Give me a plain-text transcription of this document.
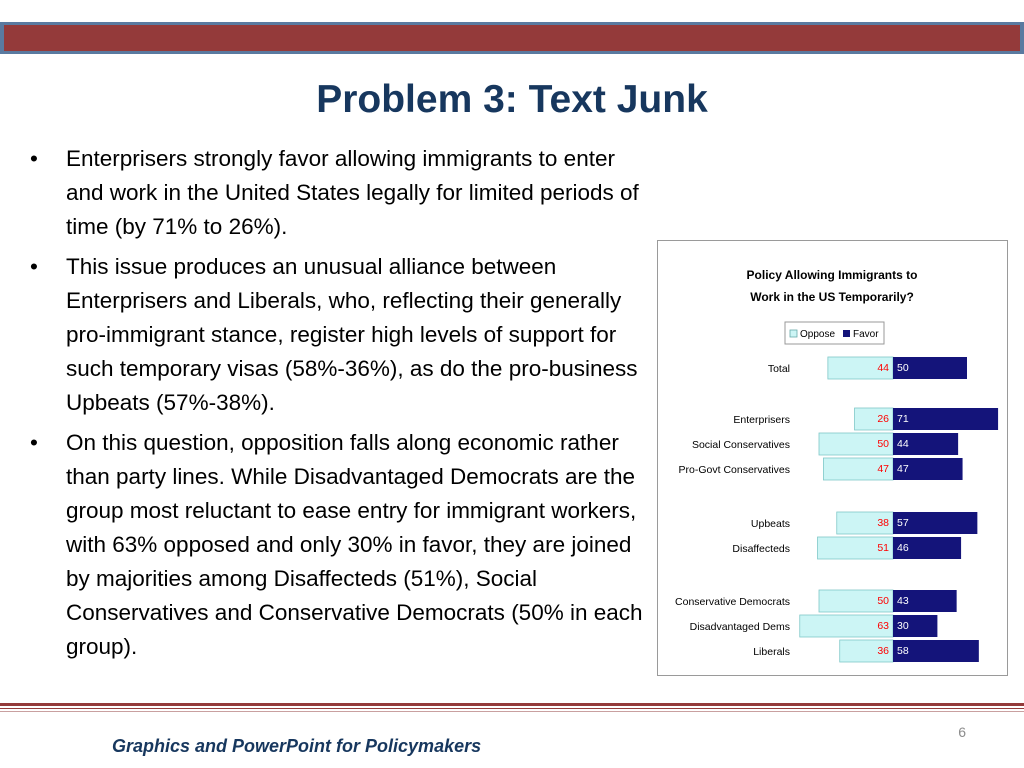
Problem 3: Text Junk
• Enterprisers strongly favor allowing immigrants to enter and work in the United States legally for limited periods of time (by 71% to 26%).
• This issue produces an unusual alliance between Enterprisers and Liberals, who, reflecting their generally pro-immigrant stance, register high levels of support for such temporary visas (58%-36%), as do the pro-business Upbeats (57%-38%).
• On this question, opposition falls along economic rather than party lines. While Disadvantaged Democrats are the group most reluctant to ease entry for immigrant workers, with 63% opposed and only 30% in favor, they are joined by majorities among Disaffecteds (51%), Social Conservatives and Conservative Democrats (50% in each group).
Policy Allowing Immigrants to
Work in the US Temporarily?
Oppose Favor
Total	44 50
Enterprisers	26 71
Social Conservatives	50 44
Pro-Govt Conservatives	47 47
Upbeats	38 57
Disaffecteds	51 46
Conservative Democrats	50 43
Disadvantaged Dems	63 30
Liberals	36 58
6
Graphics and PowerPoint for Policymakers
